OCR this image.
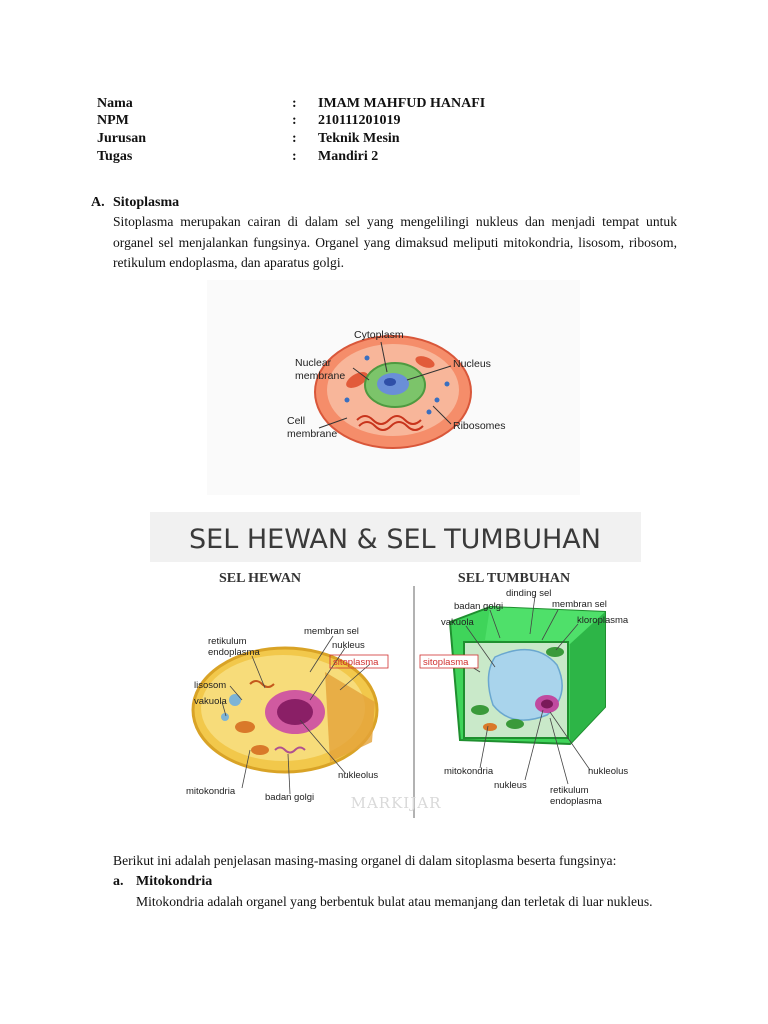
Nama	: IMAM MAHFUD HANAFI
NPM	: 210111201019
Jurusan	: Teknik Mesin
Tugas	: Mandiri 2
A. Sitoplasma
Sitoplasma merupakan cairan di dalam sel yang mengelilingi nukleus dan menjadi tempat untuk organel sel menjalankan fungsinya. Organel yang dimaksud meliputi mitokondria, lisosom, ribosom, retikulum endoplasma, dan aparatus golgi.
Cytoplasm
Nuclear
membrane
Nucleus
Cell
membrane
Ribosomes
SEL HEWAN & SEL TUMBUHAN
SEL HEWAN	SEL TUMBUHAN
retikulum
endoplasma
membran sel
nukleus
sitoplasma
lisosom
vakuola
nukleolus
mitokondria
badan golgi
dinding sel
badan golgi	membran sel
vakuola	kloroplasma
sitoplasma
mitokondria	nukleolus
nukleus retikulum
endoplasma
MARKIJAR
Berikut ini adalah penjelasan masing-masing organel di dalam sitoplasma beserta fungsinya:
a. Mitokondria
Mitokondria adalah organel yang berbentuk bulat atau memanjang dan terletak di luar nukleus.
